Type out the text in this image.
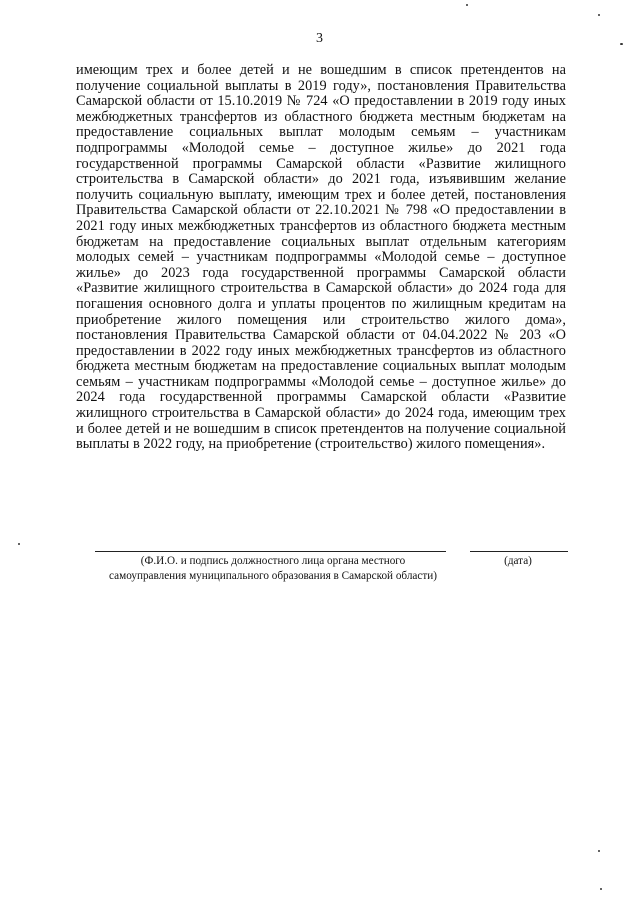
3

имеющим трех и более детей и не вошедшим в список претендентов на получение социальной выплаты в 2019 году», постановления Правительства Самарской области от 15.10.2019 № 724 «О предоставлении в 2019 году иных межбюджетных трансфертов из областного бюджета местным бюджетам на предоставление социальных выплат молодым семьям – участникам подпрограммы «Молодой семье – доступное жилье» до 2021 года государственной программы Самарской области «Развитие жилищного строительства в Самарской области» до 2021 года, изъявившим желание получить социальную выплату, имеющим трех и более детей, постановления Правительства Самарской области от 22.10.2021 № 798 «О предоставлении в 2021 году иных межбюджетных трансфертов из областного бюджета местным бюджетам на предоставление социальных выплат отдельным категориям молодых семей – участникам подпрограммы «Молодой семье – доступное жилье» до 2023 года государственной программы Самарской области «Развитие жилищного строительства в Самарской области» до 2024 года для погашения основного долга и уплаты процентов по жилищным кредитам на приобретение жилого помещения или строительство жилого дома», постановления Правительства Самарской области от 04.04.2022 № 203 «О предоставлении в 2022 году иных межбюджетных трансфертов из областного бюджета местным бюджетам на предоставление социальных выплат молодым семьям – участникам подпрограммы «Молодой семье – доступное жилье» до 2024 года государственной программы Самарской области «Развитие жилищного строительства в Самарской области» до 2024 года, имеющим трех и более детей и не вошедшим в список претендентов на получение социальной выплаты в 2022 году, на приобретение (строительство) жилого помещения».

(Ф.И.О. и подпись должностного лица органа местного самоуправления муниципального образования в Самарской области)
(дата)
